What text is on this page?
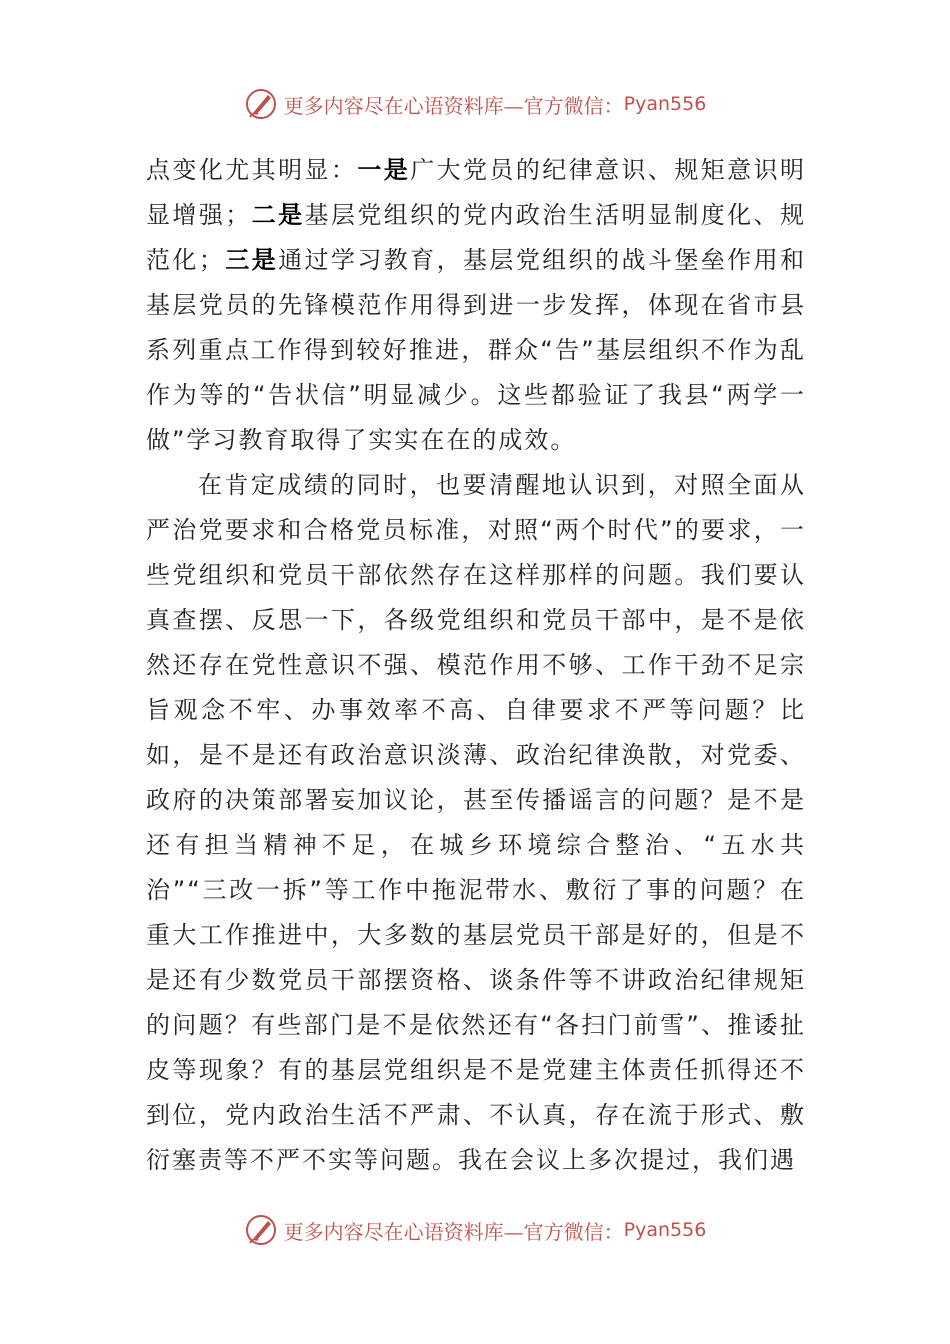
更多内容尽在心语资料库—官方微信： Pyan556

点变化尤其明显：一是广大党员的纪律意识、规矩意识明显增强；二是基层党组织的党内政治生活明显制度化、规范化；三是通过学习教育，基层党组织的战斗堡垒作用和基层党员的先锋模范作用得到进一步发挥，体现在省市县系列重点工作得到较好推进，群众“告”基层组织不作为乱作为等的“告状信”明显减少。这些都验证了我县“两学一做”学习教育取得了实实在在的成效。

在肯定成绩的同时，也要清醒地认识到，对照全面从严治党要求和合格党员标准，对照“两个时代”的要求，一些党组织和党员干部依然存在这样那样的问题。我们要认真查摆、反思一下，各级党组织和党员干部中，是不是依然还存在党性意识不强、模范作用不够、工作干劲不足宗旨观念不牢、办事效率不高、自律要求不严等问题？比如，是不是还有政治意识淡薄、政治纪律涣散，对党委、政府的决策部署妄加议论，甚至传播谣言的问题？是不是还有担当精神不足，在城乡环境综合整治、“五水共治”“三改一拆”等工作中拖泥带水、敷衍了事的问题？在重大工作推进中，大多数的基层党员干部是好的，但是不是还有少数党员干部摆资格、谈条件等不讲政治纪律规矩的问题？有些部门是不是依然还有“各扫门前雪”、推诿扯皮等现象？有的基层党组织是不是党建主体责任抓得还不到位，党内政治生活不严肃、不认真，存在流于形式、敷衍塞责等不严不实等问题。我在会议上多次提过，我们遇

更多内容尽在心语资料库—官方微信： Pyan556
